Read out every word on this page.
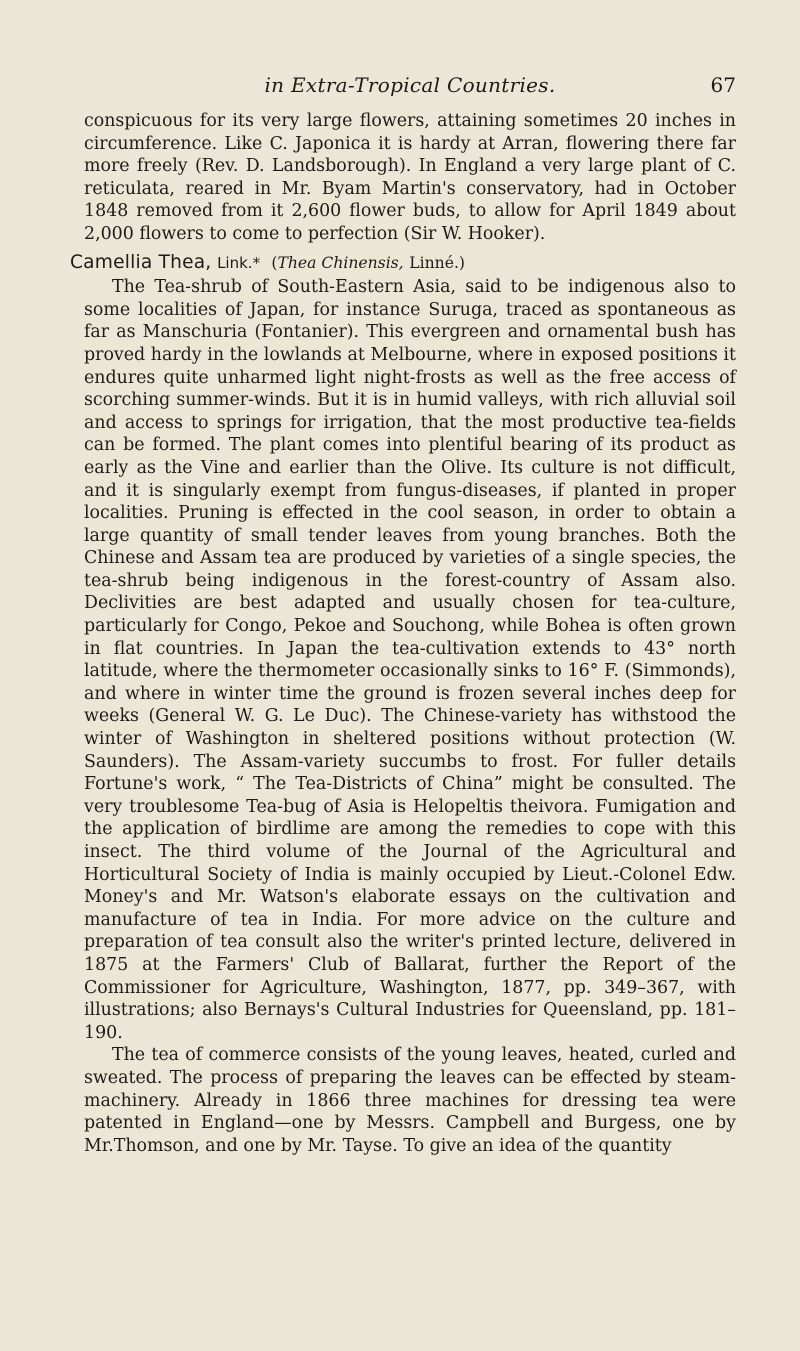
in Extra-Tropical Countries.	67

conspicuous for its very large flowers, attaining sometimes 20 inches in circumference. Like C. Japonica it is hardy at Arran, flowering there far more freely (Rev. D. Landsborough). In England a very large plant of C. reticulata, reared in Mr. Byam Martin's conservatory, had in October 1848 removed from it 2,600 flower buds, to allow for April 1849 about 2,000 flowers to come to perfection (Sir W. Hooker).

Camellia Thea, Link.* (Thea Chinensis, Linné.)

The Tea-shrub of South-Eastern Asia, said to be indigenous also to some localities of Japan, for instance Suruga, traced as spontaneous as far as Manschuria (Fontanier). This evergreen and ornamental bush has proved hardy in the lowlands at Melbourne, where in exposed positions it endures quite unharmed light night-frosts as well as the free access of scorching summer-winds. But it is in humid valleys, with rich alluvial soil and access to springs for irrigation, that the most productive tea-fields can be formed. The plant comes into plentiful bearing of its product as early as the Vine and earlier than the Olive. Its culture is not difficult, and it is singularly exempt from fungus-diseases, if planted in proper localities. Pruning is effected in the cool season, in order to obtain a large quantity of small tender leaves from young branches. Both the Chinese and Assam tea are produced by varieties of a single species, the tea-shrub being indigenous in the forest-country of Assam also. Declivities are best adapted and usually chosen for tea-culture, particularly for Congo, Pekoe and Souchong, while Bohea is often grown in flat countries. In Japan the tea-cultivation extends to 43° north latitude, where the thermometer occasionally sinks to 16° F. (Simmonds), and where in winter time the ground is frozen several inches deep for weeks (General W. G. Le Duc). The Chinese-variety has withstood the winter of Washington in sheltered positions without protection (W. Saunders). The Assam-variety succumbs to frost. For fuller details Fortune's work, “ The Tea-Districts of China” might be consulted. The very troublesome Tea-bug of Asia is Helopeltis theivora. Fumigation and the application of birdlime are among the remedies to cope with this insect. The third volume of the Journal of the Agricultural and Horticultural Society of India is mainly occupied by Lieut.-Colonel Edw. Money's and Mr. Watson's elaborate essays on the cultivation and manufacture of tea in India. For more advice on the culture and preparation of tea consult also the writer's printed lecture, delivered in 1875 at the Farmers' Club of Ballarat, further the Report of the Commissioner for Agriculture, Washington, 1877, pp. 349–367, with illustrations; also Bernays's Cultural Industries for Queensland, pp. 181–190.

The tea of commerce consists of the young leaves, heated, curled and sweated. The process of preparing the leaves can be effected by steam-machinery. Already in 1866 three machines for dressing tea were patented in England—one by Messrs. Campbell and Burgess, one by Mr.Thomson, and one by Mr. Tayse. To give an idea of the quantity
